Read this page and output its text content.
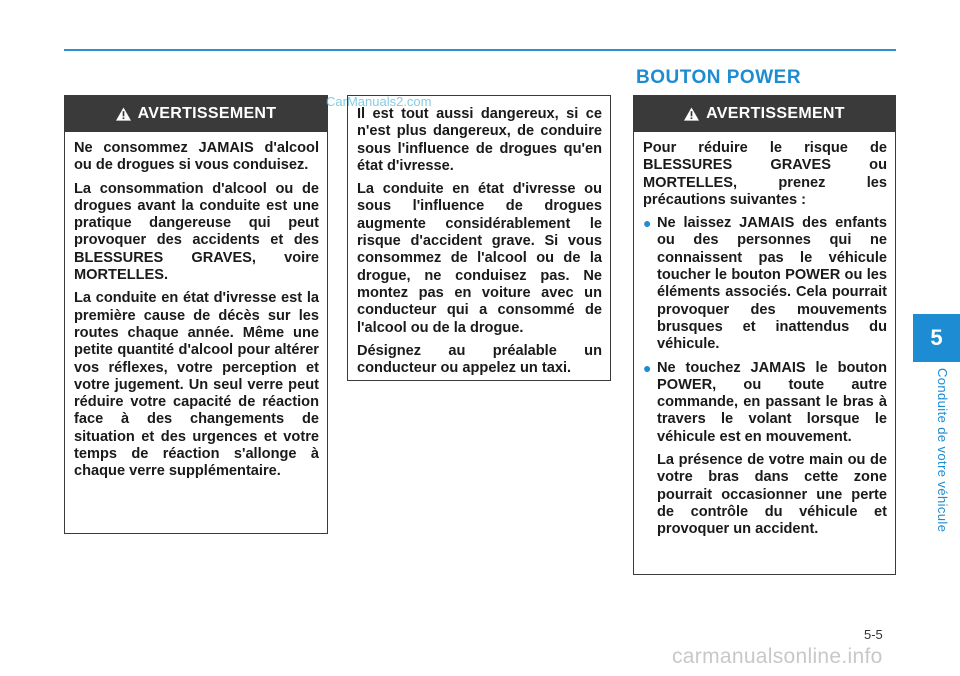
5
Conduite de votre véhicule
BOUTON POWER
AVERTISSEMENT

Ne consommez JAMAIS d'alcool ou de drogues si vous conduisez.

La consommation d'alcool ou de drogues avant la conduite est une pratique dangereuse qui peut provoquer des accidents et des BLESSURES GRAVES, voire MORTELLES.

La conduite en état d'ivresse est la première cause de décès sur les routes chaque année. Même une petite quantité d'alcool pour altérer vos réflexes, votre perception et votre jugement. Un seul verre peut réduire votre capacité de réaction face à des changements de situation et des urgences et votre temps de réaction s'allonge à chaque verre supplémentaire.

Il est tout aussi dangereux, si ce n'est plus dangereux, de conduire sous l'influence de drogues qu'en état d'ivresse.

La conduite en état d'ivresse ou sous l'influence de drogues augmente considérablement le risque d'accident grave. Si vous consommez de l'alcool ou de la drogue, ne conduisez pas. Ne montez pas en voiture avec un conducteur qui a consommé de l'alcool ou de la drogue.

Désignez au préalable un conducteur ou appelez un taxi.

CarManuals2.com
AVERTISSEMENT

Pour réduire le risque de BLESSURES GRAVES ou MORTELLES, prenez les précautions suivantes :

● Ne laissez JAMAIS des enfants ou des personnes qui ne connaissent pas le véhicule toucher le bouton POWER ou les éléments associés. Cela pourrait provoquer des mouvements brusques et inattendus du véhicule.
● Ne touchez JAMAIS le bouton POWER, ou toute autre commande, en passant le bras à travers le volant lorsque le véhicule est en mouvement.

La présence de votre main ou de votre bras dans cette zone pourrait occasionner une perte de contrôle du véhicule et provoquer un accident.

5-5
carmanualsonline.info
